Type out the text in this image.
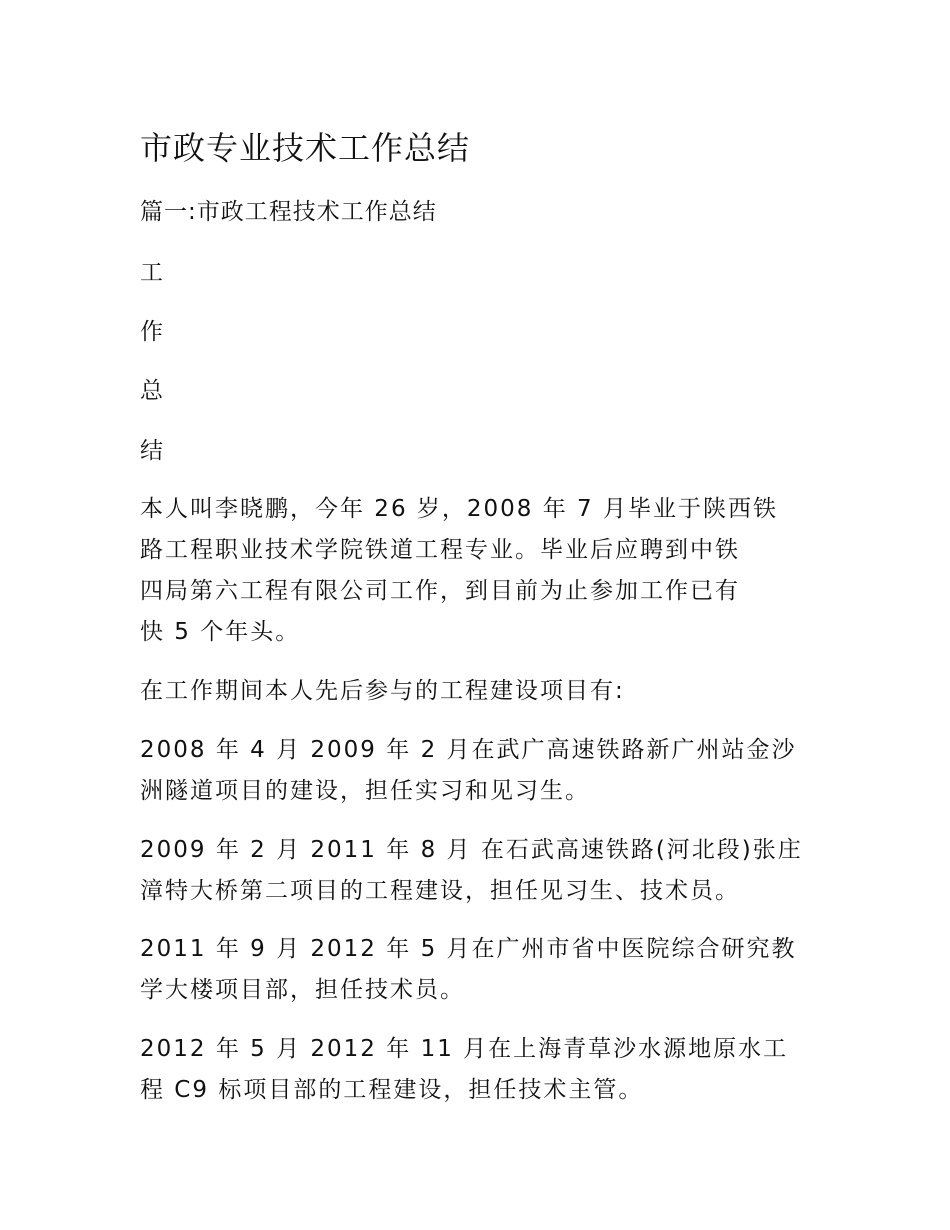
市政专业技术工作总结
篇一:市政工程技术工作总结

工

作

总

结

本人叫李晓鹏，今年 26 岁，2008 年 7 月毕业于陕西铁
路工程职业技术学院铁道工程专业。毕业后应聘到中铁
四局第六工程有限公司工作，到目前为止参加工作已有
快 5 个年头。
在工作期间本人先后参与的工程建设项目有:
2008 年 4 月 2009 年 2 月在武广高速铁路新广州站金沙
洲隧道项目的建设，担任实习和见习生。
2009 年 2 月 2011 年 8 月 在石武高速铁路(河北段)张庄
漳特大桥第二项目的工程建设，担任见习生、技术员。
2011 年 9 月 2012 年 5 月在广州市省中医院综合研究教
学大楼项目部，担任技术员。
2012 年 5 月 2012 年 11 月在上海青草沙水源地原水工
程 C9 标项目部的工程建设，担任技术主管。
